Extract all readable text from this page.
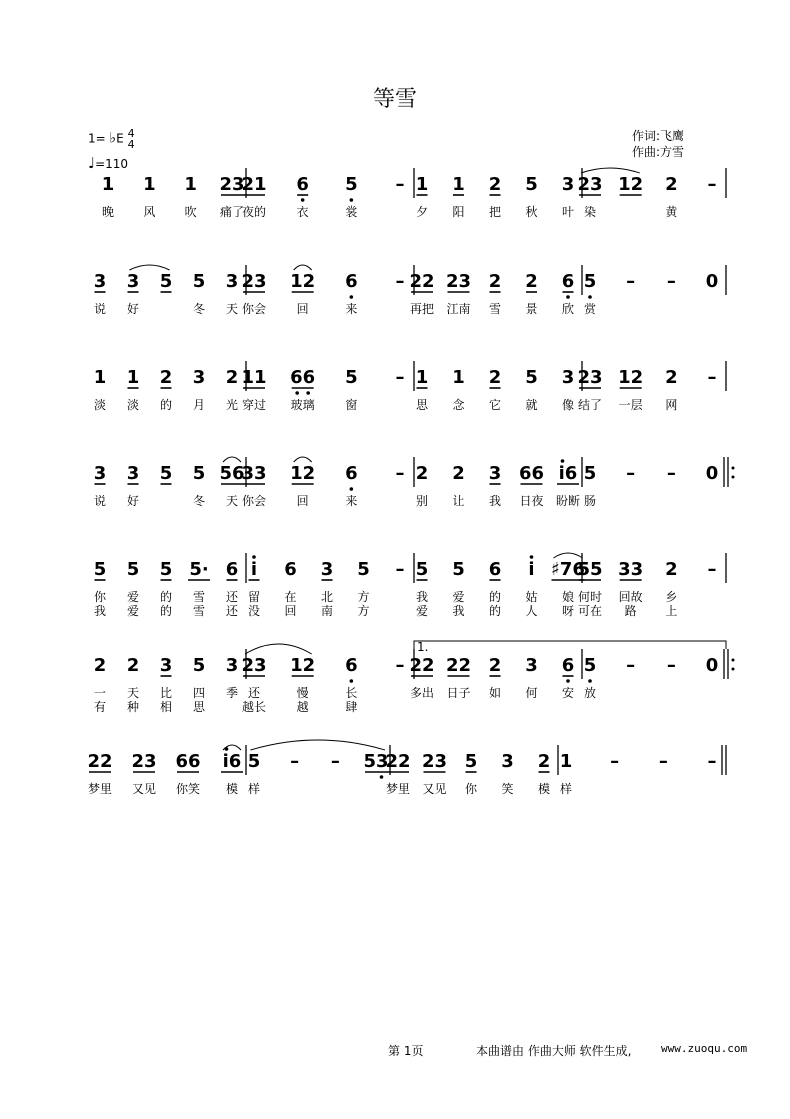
等雪
1= ♭E 4
4
♩=110
作词:飞鹰
作曲:方雪
1 1 1 23
晚 风 吹 痛了
21 6 5 –
夜的	衣	裳
1 1 2 5 3
夕 阳 把 秋 叶
23 12 2 –
染	黄
3 3 5 5 3
说 好	冬 天
23 12 6 –
你会	回	来
22 23 2 2 6
再把 江南 雪 景 欣
5 – – 0
赏
1 1 2 3 2
淡 淡 的 月 光
11 66 5 –
穿过 玻璃	窗
1 1 2 5 3
思 念 它 就 像
23 12 2 –
结了 一层 网
3 3 5 5 56
说 好	冬 天
33 12 6 –
你会	回	来
2 2 3 66 i6
别 让 我 日夜 盼断
5 – – 0
肠
5 5 5 5· 6
你 爱 的 雪 还
我 爱 的 雪 还
i 6 3 5 –
留 在 北 方
没 回 南 方
5 5 6 i ♯76
我 爱 的 姑 娘
爱 我 的 人 呀
55 33 2 –
何时 回故 乡
可在 路 上
2 2 3 5 3
一 天 比 四 季
有 种 相 思
23 12 6 –
还	慢	长
越长	越	肆
22 22 2 3 6
1.
多出 日子 如 何 安
5 – – 0
放
22 23 66 i6
梦里 又见 你笑 模
5 – – 53
样
22 23 5 3 2
梦里 又见 你 笑 模
1 – – –
样
第 1页	本曲谱由 作曲大师 软件生成,	www.zuoqu.com
